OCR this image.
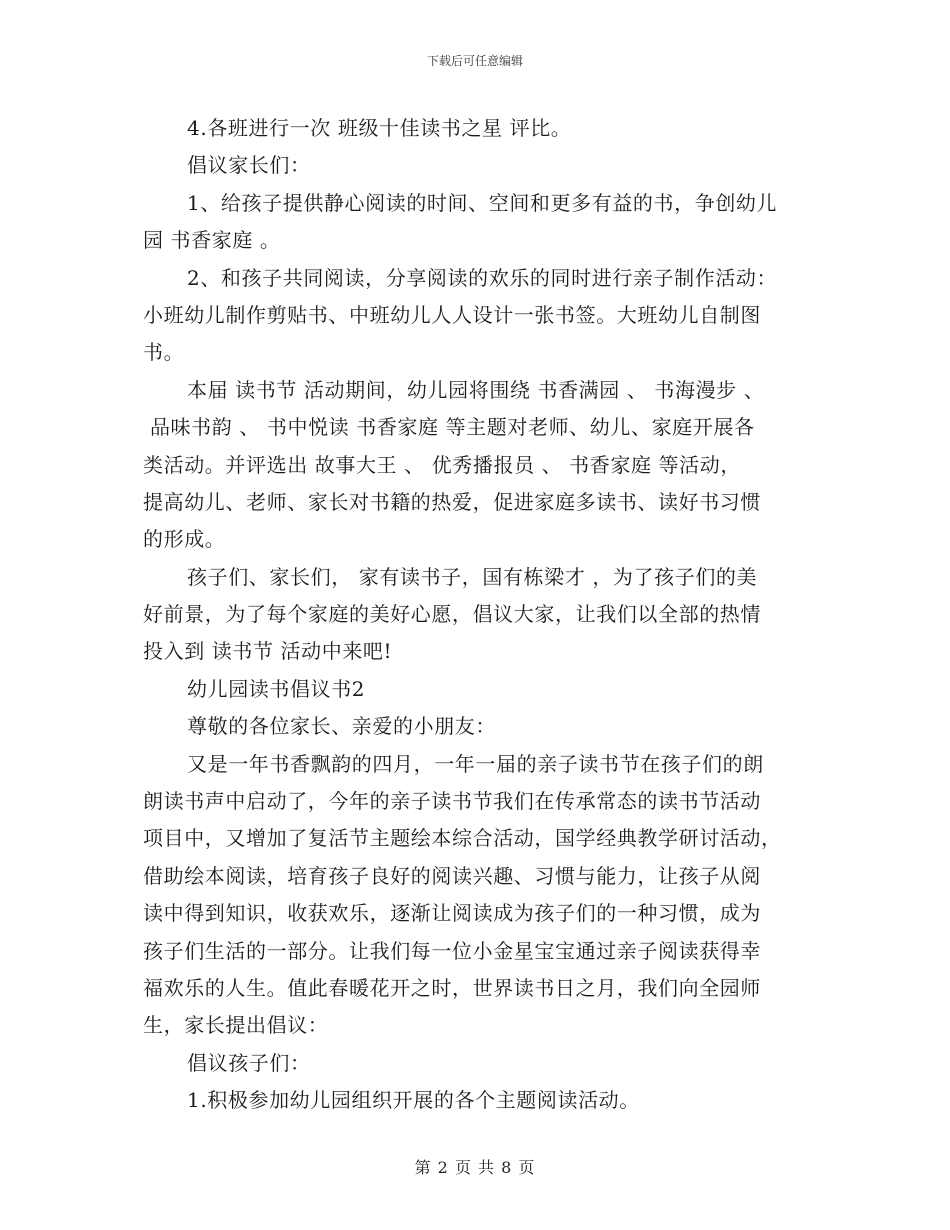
下载后可任意编辑
4.各班进行一次 班级十佳读书之星 评比。
倡议家长们：
1、给孩子提供静心阅读的时间、空间和更多有益的书，争创幼儿
园 书香家庭 。
2、和孩子共同阅读，分享阅读的欢乐的同时进行亲子制作活动：
小班幼儿制作剪贴书、中班幼儿人人设计一张书签。大班幼儿自制图
书。
本届 读书节 活动期间，幼儿园将围绕 书香满园 、 书海漫步 、
品味书韵 、 书中悦读 书香家庭 等主题对老师、幼儿、家庭开展各
类活动。并评选出 故事大王 、 优秀播报员 、 书香家庭 等活动，
提高幼儿、老师、家长对书籍的热爱，促进家庭多读书、读好书习惯
的形成。
孩子们、家长们， 家有读书子，国有栋梁才 ，为了孩子们的美
好前景，为了每个家庭的美好心愿，倡议大家，让我们以全部的热情
投入到 读书节 活动中来吧!
幼儿园读书倡议书2
尊敬的各位家长、亲爱的小朋友：
又是一年书香飘韵的四月，一年一届的亲子读书节在孩子们的朗
朗读书声中启动了，今年的亲子读书节我们在传承常态的读书节活动
项目中，又增加了复活节主题绘本综合活动，国学经典教学研讨活动，
借助绘本阅读，培育孩子良好的阅读兴趣、习惯与能力，让孩子从阅
读中得到知识，收获欢乐，逐渐让阅读成为孩子们的一种习惯，成为
孩子们生活的一部分。让我们每一位小金星宝宝通过亲子阅读获得幸
福欢乐的人生。值此春暖花开之时，世界读书日之月，我们向全园师
生，家长提出倡议：
倡议孩子们：
1.积极参加幼儿园组织开展的各个主题阅读活动。
第 2 页 共 8 页
